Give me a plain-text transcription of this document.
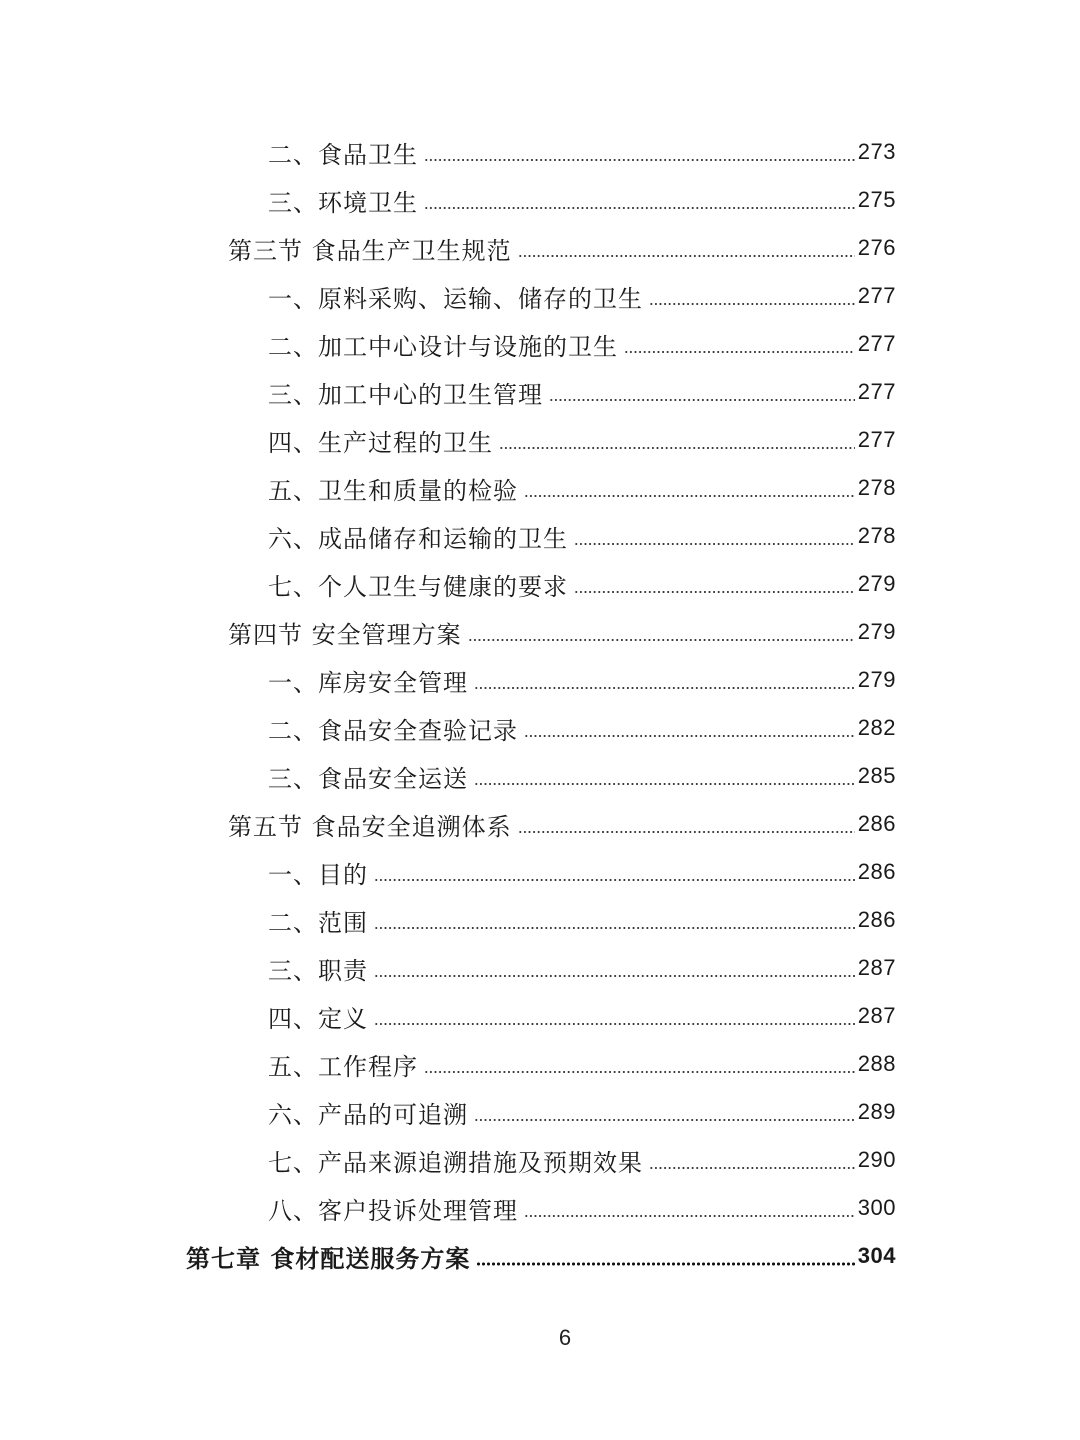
二、食品卫生	273
三、环境卫生	275
第三节 食品生产卫生规范	276
一、原料采购、运输、储存的卫生	277
二、加工中心设计与设施的卫生	277
三、加工中心的卫生管理	277
四、生产过程的卫生	277
五、卫生和质量的检验	278
六、成品储存和运输的卫生	278
七、个人卫生与健康的要求	279
第四节 安全管理方案	279
一、库房安全管理	279
二、食品安全查验记录	282
三、食品安全运送	285
第五节 食品安全追溯体系	286
一、目的	286
二、范围	286
三、职责	287
四、定义	287
五、工作程序	288
六、产品的可追溯	289
七、产品来源追溯措施及预期效果	290
八、客户投诉处理管理	300
第七章 食材配送服务方案	304
6
